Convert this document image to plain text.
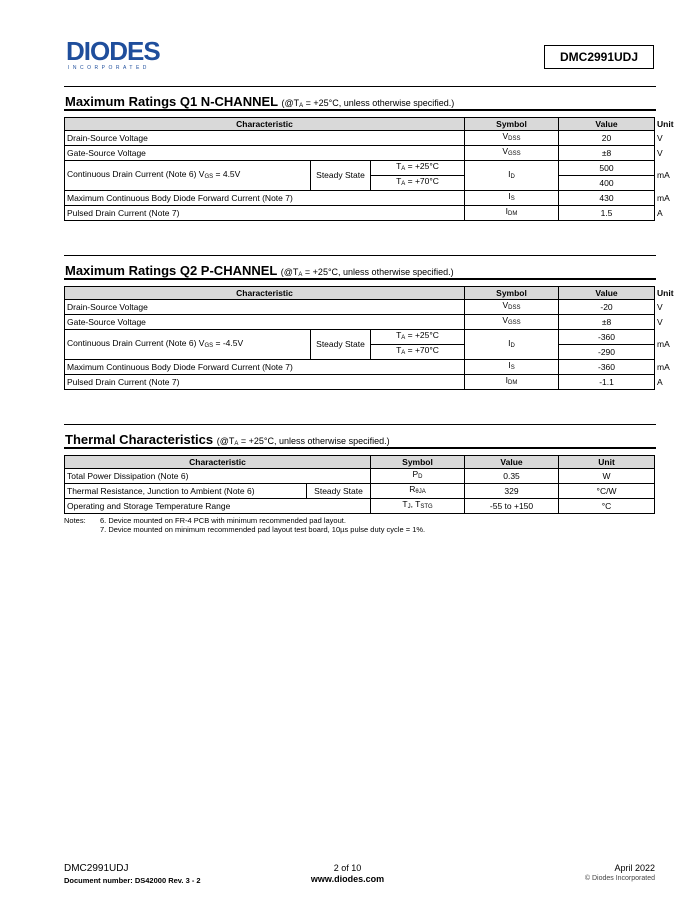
DIODES
INCORPORATED
DMC2991UDJ
Maximum Ratings Q1 N-CHANNEL (@TA = +25°C, unless otherwise specified.)
Characteristic			Symbol	Value	Unit
Drain-Source Voltage			VDSS	20	V
Gate-Source Voltage			VGSS	±8	V
Continuous Drain Current (Note 6) VGS = 4.5V	Steady State	TA = +25°C	ID	500	mA
		TA = +70°C		400	
Maximum Continuous Body Diode Forward Current (Note 7)			IS	430	mA
Pulsed Drain Current (Note 7)			IDM	1.5	A
Maximum Ratings Q2 P-CHANNEL (@TA = +25°C, unless otherwise specified.)
Characteristic			Symbol	Value	Unit
Drain-Source Voltage			VDSS	-20	V
Gate-Source Voltage			VGSS	±8	V
Continuous Drain Current (Note 6) VGS = -4.5V	Steady State	TA = +25°C	ID	-360	mA
		TA = +70°C		-290	
Maximum Continuous Body Diode Forward Current (Note 7)			IS	-360	mA
Pulsed Drain Current (Note 7)			IDM	-1.1	A
Thermal Characteristics (@TA = +25°C, unless otherwise specified.)
Characteristic		Symbol	Value	Unit
Total Power Dissipation (Note 6)		PD	0.35	W
Thermal Resistance, Junction to Ambient (Note 6)	Steady State	RθJA	329	°C/W
Operating and Storage Temperature Range		TJ, TSTG	-55 to +150	°C
Notes: 6. Device mounted on FR-4 PCB with minimum recommended pad layout.
7. Device mounted on minimum recommended pad layout test board, 10µs pulse duty cycle = 1%.
DMC2991UDJ
Document number: DS42000 Rev. 3 - 2
2 of 10
www.diodes.com
April 2022
© Diodes Incorporated
